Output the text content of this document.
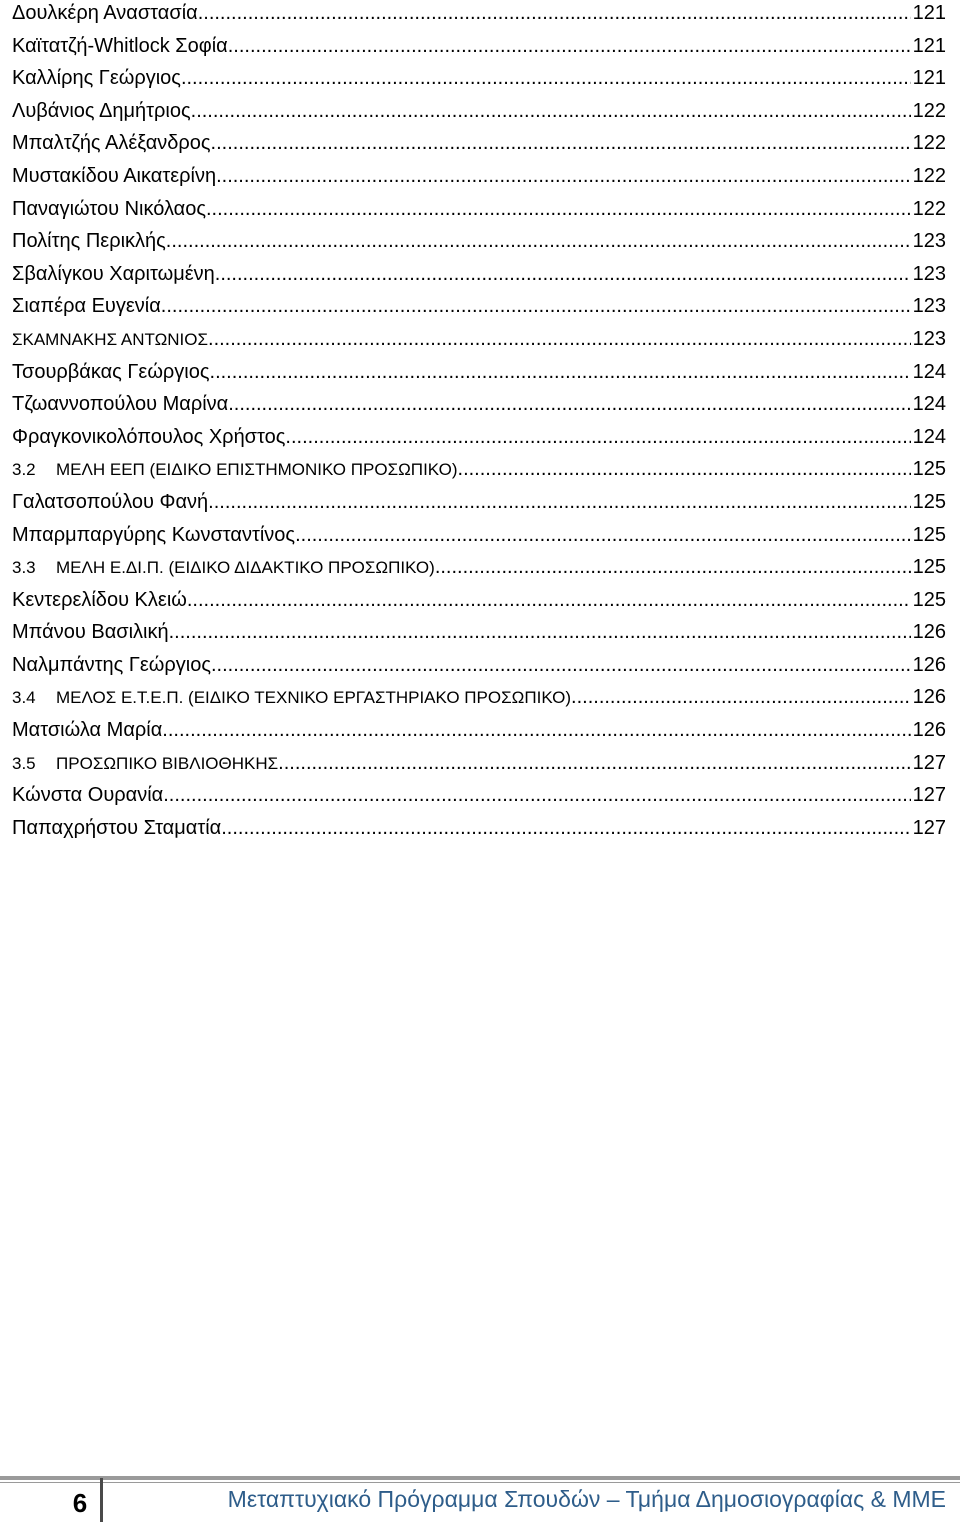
Δουλκέρη Αναστασία .....	121
Καϊτατζή-Whitlock Σοφία .....	121
Καλλίρης Γεώργιος .....	121
Λυβάνιος Δημήτριος .....	122
Μπαλτζής Αλέξανδρος .....	122
Μυστακίδου Αικατερίνη .....	122
Παναγιώτου Νικόλαος .....	122
Πολίτης Περικλής .....	123
Σβαλίγκου Χαριτωμένη .....	123
Σιαπέρα Ευγενία .....	123
ΣΚΑΜΝΑΚΗΣ ΑΝΤΩΝΙΟΣ .....	123
Τσουρβάκας Γεώργιος .....	124
Τζωαννοπούλου Μαρίνα .....	124
Φραγκονικολόπουλος Χρήστος .....	124
3.2 ΜΕΛΗ ΕΕΠ (ΕΙΔΙΚΟ ΕΠΙΣΤΗΜΟΝΙΚΟ ΠΡΟΣΩΠΙΚΟ) .....	125
Γαλατσοπούλου Φανή .....	125
Μπαρμπαργύρης Κωνσταντίνος .....	125
3.3 ΜΕΛΗ Ε.ΔΙ.Π. (ΕΙΔΙΚΟ ΔΙΔΑΚΤΙΚΟ ΠΡΟΣΩΠΙΚΟ) .....	125
Κεντερελίδου Κλειώ .....	125
Μπάνου Βασιλική .....	126
Ναλμπάντης Γεώργιος .....	126
3.4 ΜΕΛΟΣ Ε.Τ.Ε.Π. (ΕΙΔΙΚΟ ΤΕΧΝΙΚΟ ΕΡΓΑΣΤΗΡΙΑΚΟ ΠΡΟΣΩΠΙΚΟ) .....	126
Ματσιώλα Μαρία .....	126
3.5 ΠΡΟΣΩΠΙΚΟ ΒΙΒΛΙΟΘΗΚΗΣ .....	127
Κώνστα Ουρανία .....	127
Παπαχρήστου Σταματία .....	127
6	Μεταπτυχιακό Πρόγραμμα Σπουδών – Τμήμα Δημοσιογραφίας & ΜΜΕ
